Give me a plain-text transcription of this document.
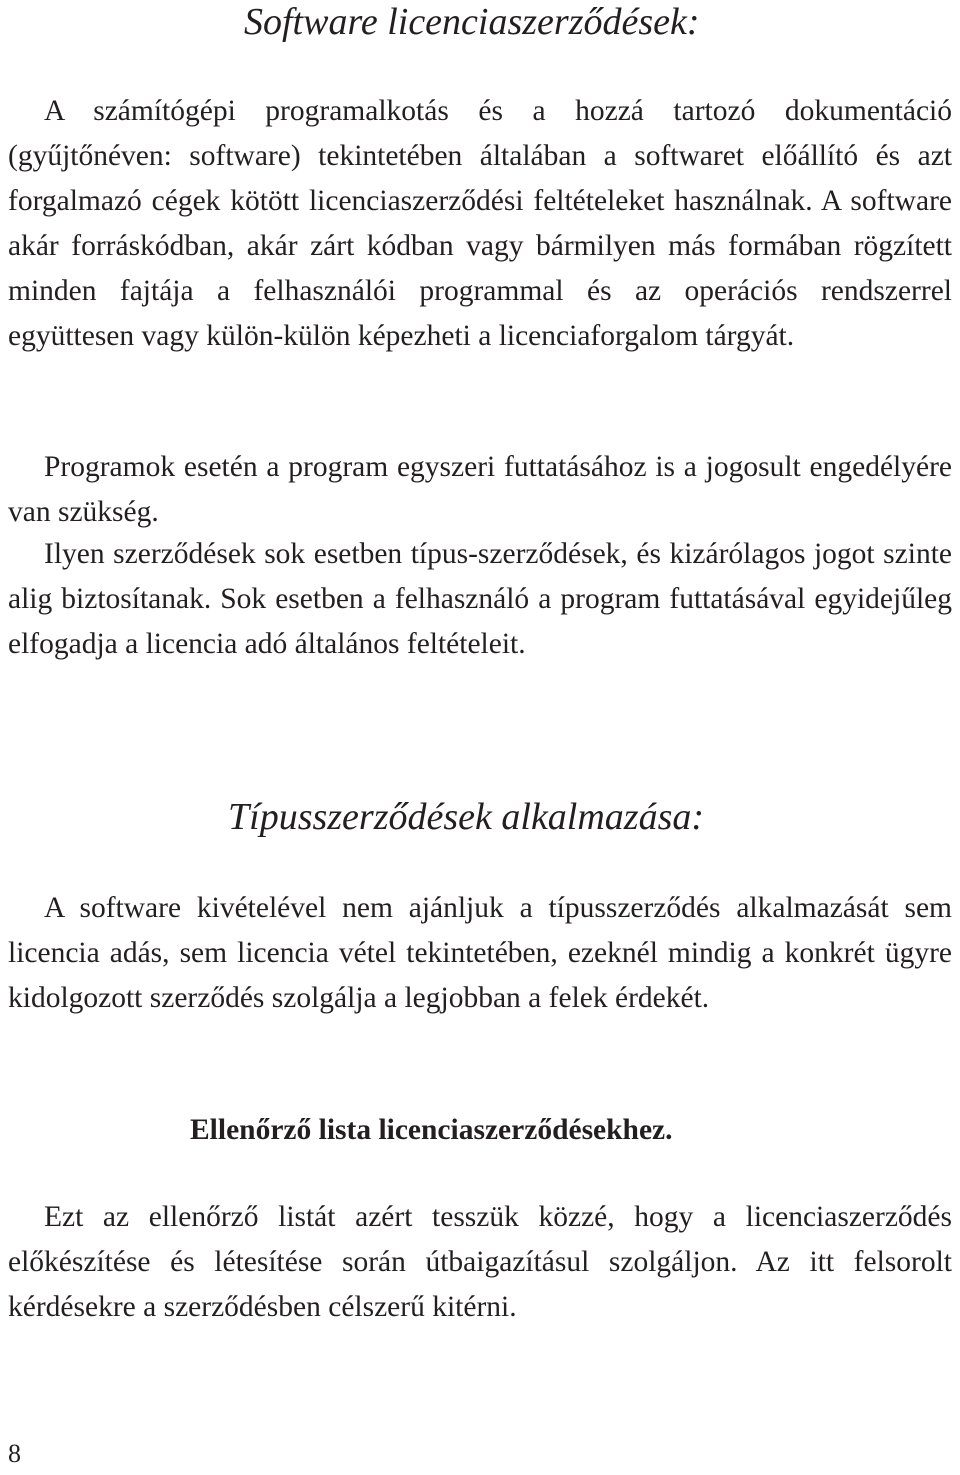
Software licenciaszerződések:

A számítógépi programalkotás és a hozzá tartozó dokumentáció (gyűjtőnéven: software) tekintetében általában a softwaret előállító és azt forgalmazó cégek kötött licenciaszerződési feltételeket használnak. A software akár forráskódban, akár zárt kódban vagy bármilyen más formában rögzített minden fajtája a felhasználói programmal és az operációs rendszerrel együttesen vagy külön-külön képezheti a licenciaforgalom tárgyát.

Programok esetén a program egyszeri futtatásához is a jogosult engedélyére van szükség.

Ilyen szerződések sok esetben típus-szerződések, és kizárólagos jogot szinte alig biztosítanak. Sok esetben a felhasználó a program futtatásával egyidejűleg elfogadja a licencia adó általános feltételeit.

Típusszerződések alkalmazása:

A software kivételével nem ajánljuk a típusszerződés alkalmazását sem licencia adás, sem licencia vétel tekintetében, ezeknél mindig a konkrét ügyre kidolgozott szerződés szolgálja a legjobban a felek érdekét.

Ellenőrző lista licenciaszerződésekhez.

Ezt az ellenőrző listát azért tesszük közzé, hogy a licenciaszerződés előkészítése és létesítése során útbaigazításul szolgáljon. Az itt felsorolt kérdésekre a szerződésben célszerű kitérni.

8
